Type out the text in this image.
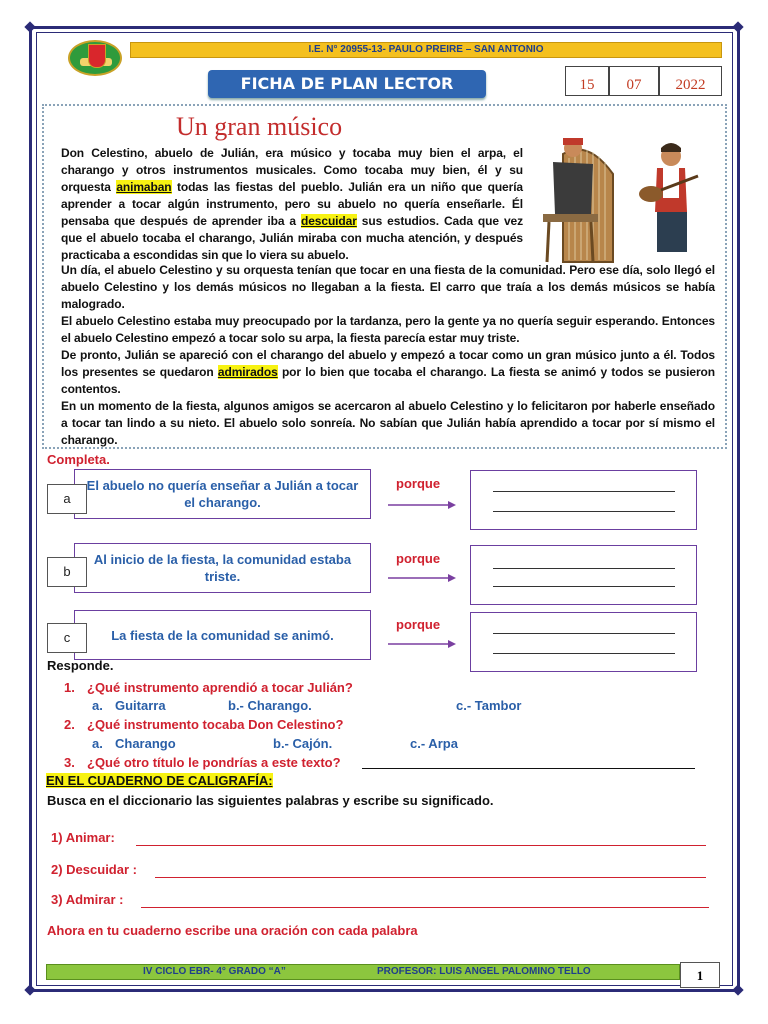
I.E. N° 20955-13- PAULO PREIRE – SAN ANTONIO
FICHA DE PLAN LECTOR	15	07	2022
Un gran músico

Don Celestino, abuelo de Julián, era músico y tocaba muy bien el arpa, el charango y otros instrumentos musicales. Como tocaba muy bien, él y su orquesta animaban todas las fiestas del pueblo. Julián era un niño que quería aprender a tocar algún instrumento, pero su abuelo no quería enseñarle. Él pensaba que después de aprender iba a descuidar sus estudios. Cada que vez que el abuelo tocaba el charango, Julián miraba con mucha atención, y después practicaba a escondidas sin que lo viera su abuelo.

Un día, el abuelo Celestino y su orquesta tenían que tocar en una fiesta de la comunidad. Pero ese día, solo llegó el abuelo Celestino y los demás músicos no llegaban a la fiesta. El carro que traía a los demás músicos se había malogrado.

El abuelo Celestino estaba muy preocupado por la tardanza, pero la gente ya no quería seguir esperando. Entonces el abuelo Celestino empezó a tocar solo su arpa, la fiesta parecía estar muy triste.

De pronto, Julián se apareció con el charango del abuelo y empezó a tocar como un gran músico junto a él. Todos los presentes se quedaron admirados por lo bien que tocaba el charango. La fiesta se animó y todos se pusieron contentos.

En un momento de la fiesta, algunos amigos se acercaron al abuelo Celestino y lo felicitaron por haberle enseñado a tocar tan lindo a su nieto. El abuelo solo sonreía. No sabían que Julián había aprendido a tocar por sí mismo el charango.

Completa.
El abuelo no quería enseñar a Julián a tocar el charango.
a
porque
Al inicio de la fiesta, la comunidad estaba triste.
b
porque
La fiesta de la comunidad se animó.
c
porque
Responde.
1. ¿Qué instrumento aprendió a tocar Julián?
a. Guitarra	b.- Charango.	c.- Tambor
2. ¿Qué instrumento tocaba Don Celestino?
a. Charango	b.- Cajón.	c.- Arpa
3. ¿Qué otro título le pondrías a este texto?
EN EL CUADERNO DE CALIGRAFÍA:
Busca en el diccionario las siguientes palabras y escribe su significado.
1) Animar:
2) Descuidar :
3) Admirar :
Ahora en tu cuaderno escribe una oración con cada palabra
IV CICLO EBR- 4° GRADO “A”	PROFESOR: LUIS ANGEL PALOMINO TELLO	1
